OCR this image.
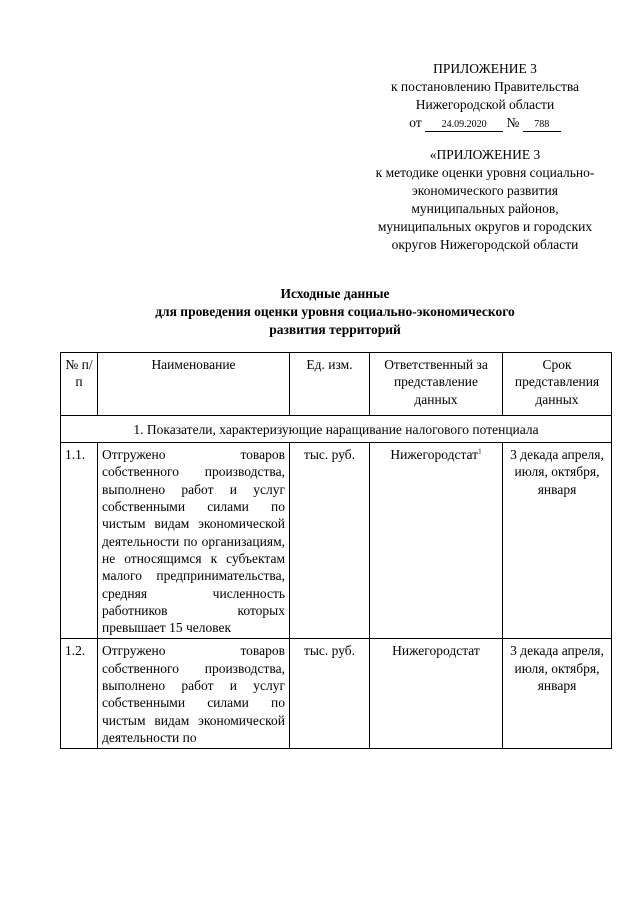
ПРИЛОЖЕНИЕ 3
к постановлению Правительства
Нижегородской области
от 24.09.2020 № 788
«ПРИЛОЖЕНИЕ 3
к методике оценки уровня социально-
экономического развития
муниципальных районов,
муниципальных округов и городских
округов Нижегородской области
Исходные данные
для проведения оценки уровня социально-экономического
развития территорий
№ п/п	Наименование	Ед. изм.	Ответственный за представление данных	Срок представления данных
1. Показатели, характеризующие наращивание налогового потенциала				
1.1.	Отгружено товаров собственного производства, выполнено работ и услуг собственными силами по чистым видам экономической деятельности по организациям, не относящимся к субъектам малого предпринимательства, средняя численность работников которых превышает 15 человек	тыс. руб.	Нижегородстат$^1$	3 декада апреля, июля, октября, января
1.2.	Отгружено товаров собственного производства, выполнено работ и услуг собственными силами по чистым видам экономической деятельности по	тыс. руб.	Нижегородстат	3 декада апреля, июля, октября, января
